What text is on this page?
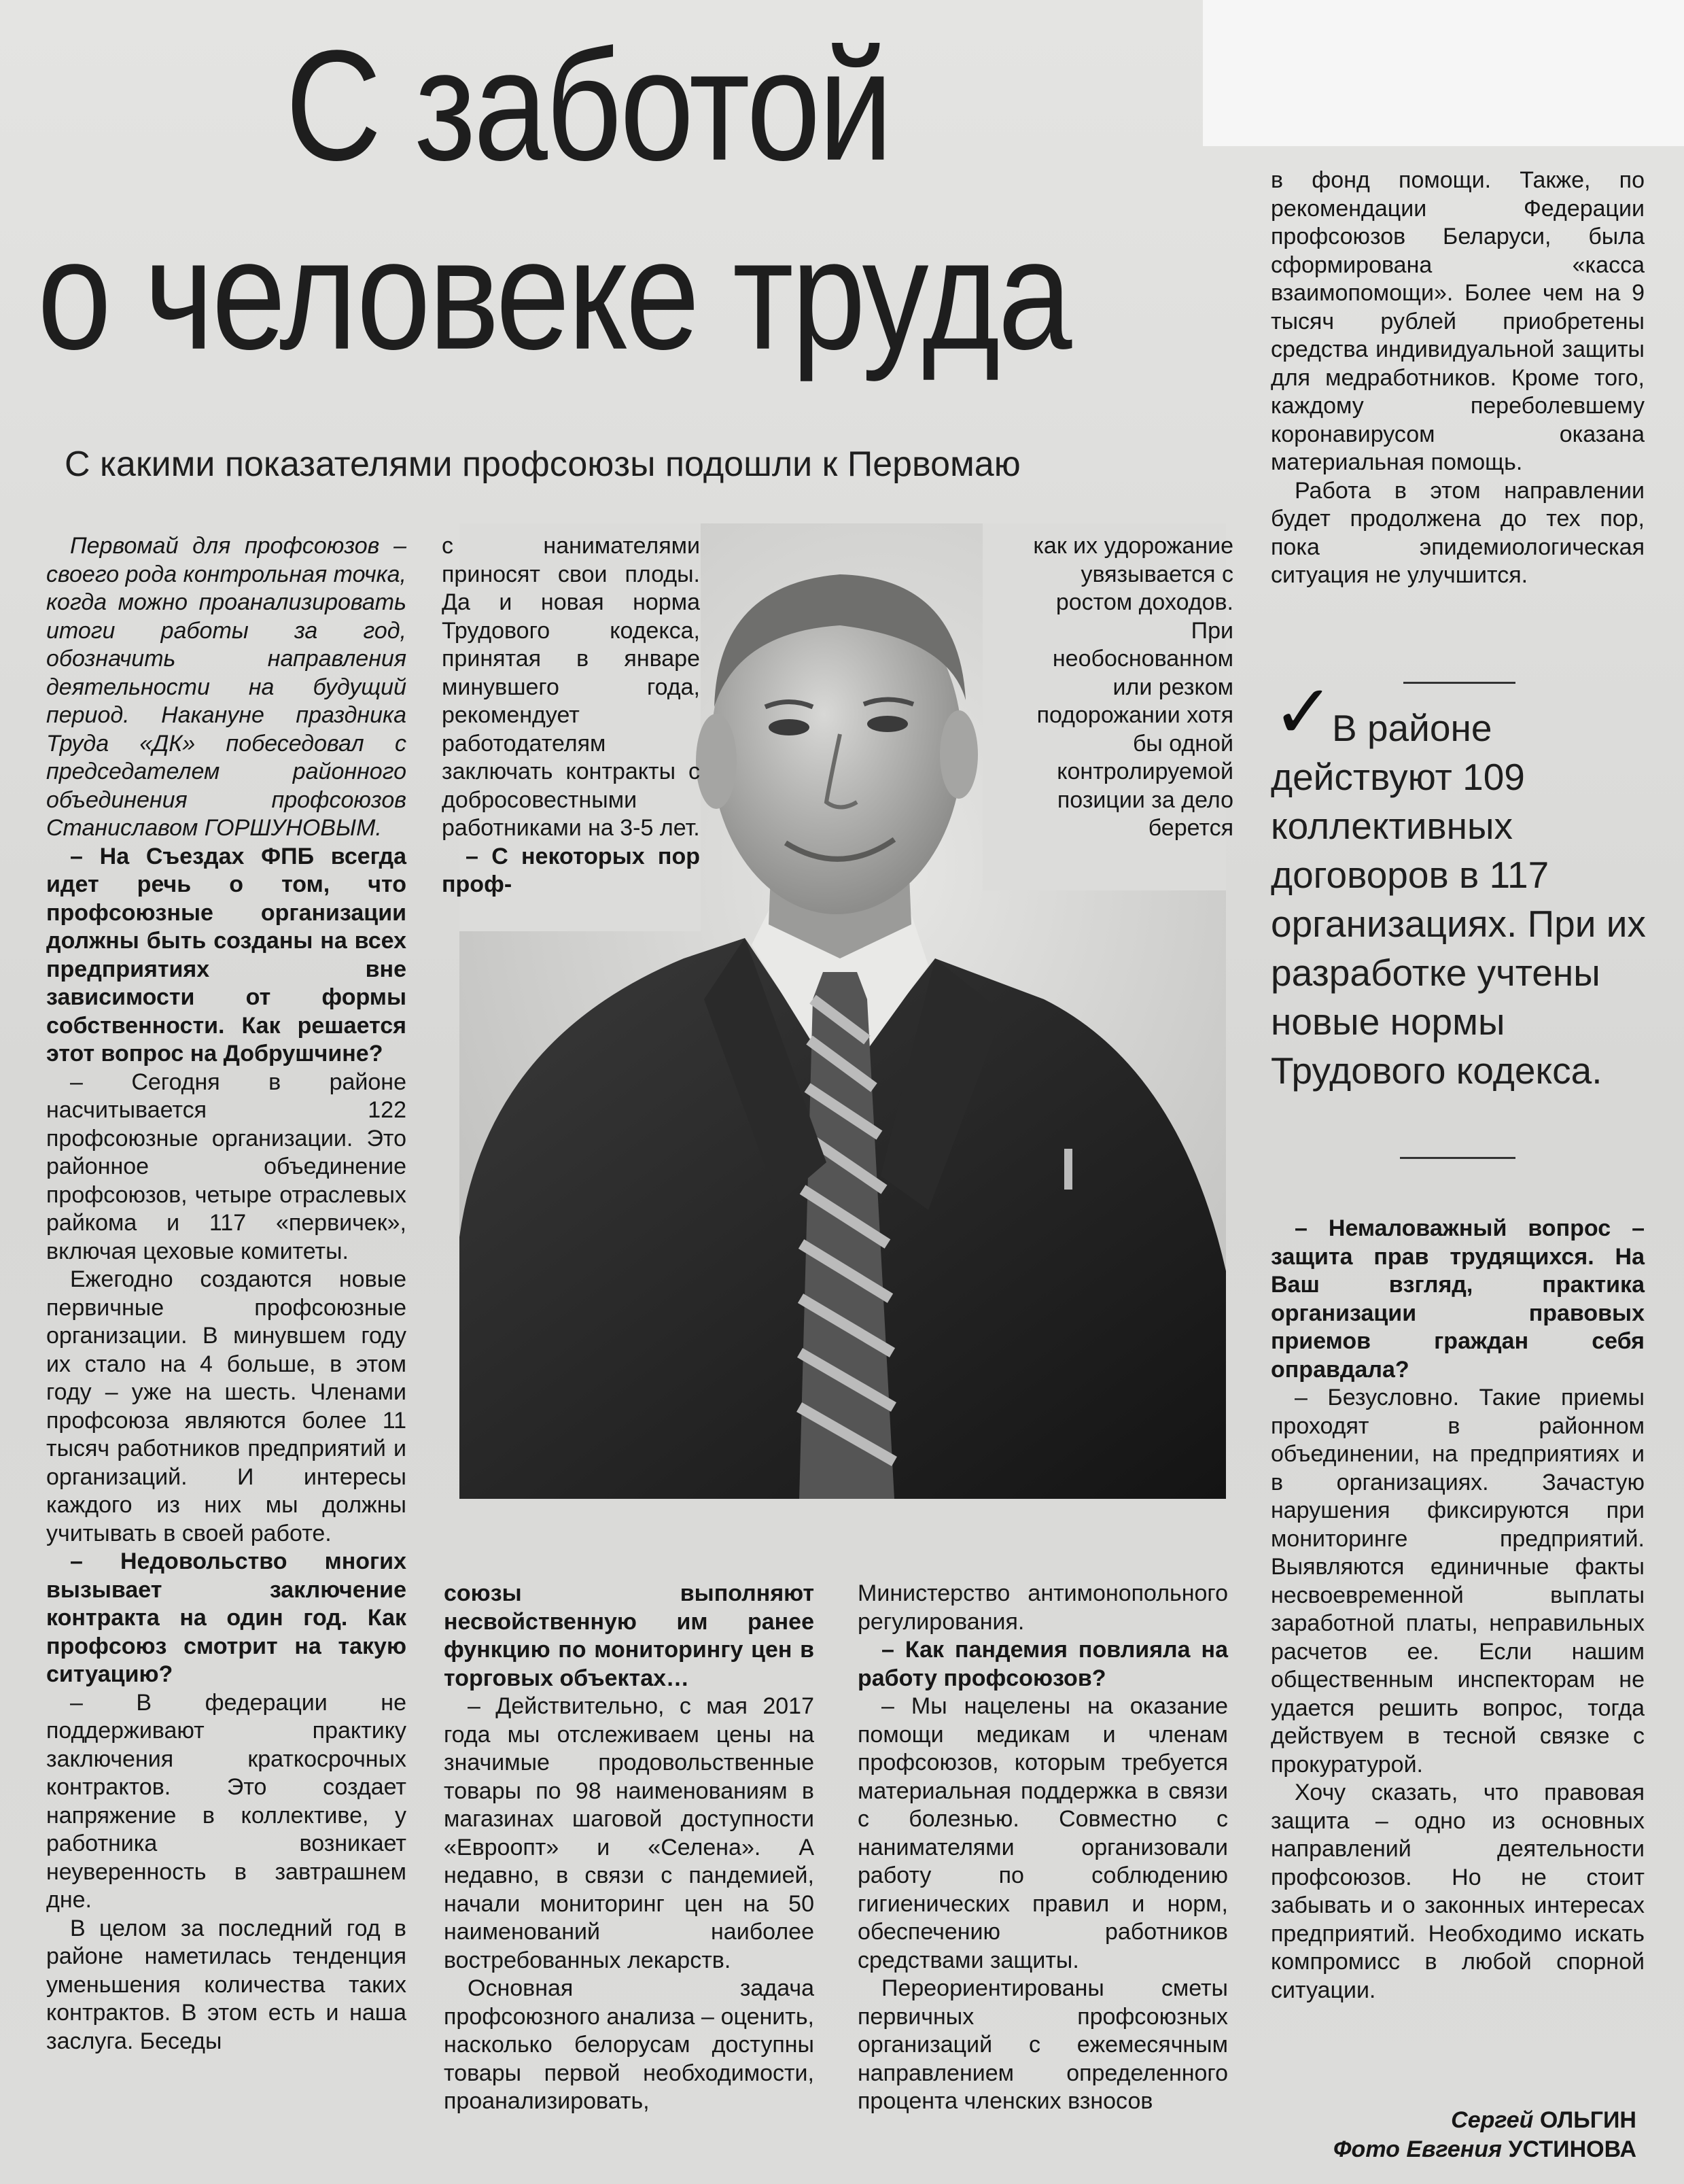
С заботой
о человеке труда
С какими показателями профсоюзы подошли к Первомаю

Первомай для профсоюзов – своего рода контрольная точка, когда можно проанализировать итоги работы за год, обозначить направления деятельности на будущий период. Накануне праздника Труда «ДК» побеседовал с председателем районного объединения профсоюзов Станиславом ГОРШУНОВЫМ.

– На Съездах ФПБ всегда идет речь о том, что профсоюзные организации должны быть созданы на всех предприятиях вне зависимости от формы собственности. Как решается этот вопрос на Добрушчине?

– Сегодня в районе насчитывается 122 профсоюзные организации. Это районное объединение профсоюзов, четыре отраслевых райкома и 117 «первичек», включая цеховые комитеты.

Ежегодно создаются новые первичные профсоюзные организации. В минувшем году их стало на 4 больше, в этом году – уже на шесть. Членами профсоюза являются более 11 тысяч работников предприятий и организаций. И интересы каждого из них мы должны учитывать в своей работе.

– Недовольство многих вызывает заключение контракта на один год. Как профсоюз смотрит на такую ситуацию?

– В федерации не поддерживают практику заключения краткосрочных контрактов. Это создает напряжение в коллективе, у работника возникает неуверенность в завтрашнем дне.

В целом за последний год в районе наметилась тенденция уменьшения количества таких контрактов. В этом есть и наша заслуга. Беседы

с нанимателями приносят свои плоды. Да и новая норма Трудового кодекса, принятая в январе минувшего года, рекомендует работодателям заключать контракты с добросовестными работниками на 3-5 лет.

– С некоторых пор проф-

как их удорожание увязывается с ростом доходов. При необоснованном или резком подорожании хотя бы одной контролируемой позиции за дело берется

союзы выполняют несвойственную им ранее функцию по мониторингу цен в торговых объектах…

– Действительно, с мая 2017 года мы отслеживаем цены на значимые продовольственные товары по 98 наименованиям в магазинах шаговой доступности «Евроопт» и «Селена». А недавно, в связи с пандемией, начали мониторинг цен на 50 наименований наиболее востребованных лекарств.

Основная задача профсоюзного анализа – оценить, насколько белорусам доступны товары первой необходимости, проанализировать,

Министерство антимонопольного регулирования.

– Как пандемия повлияла на работу профсоюзов?

– Мы нацелены на оказание помощи медикам и членам профсоюзов, которым требуется материальная поддержка в связи с болезнью. Совместно с нанимателями организовали работу по соблюдению гигиенических правил и норм, обеспечению работников средствами защиты.

Переориентированы сметы первичных профсоюзных организаций с ежемесячным направлением определенного процента членских взносов

в фонд помощи. Также, по рекомендации Федерации профсоюзов Беларуси, была сформирована «касса взаимопомощи». Более чем на 9 тысяч рублей приобретены средства индивидуальной защиты для медработников. Кроме того, каждому переболевшему коронавирусом оказана материальная помощь.

Работа в этом направлении будет продолжена до тех пор, пока эпидемиологическая ситуация не улучшится.

✓
В районе действуют 109 коллективных договоров в 117 организациях. При их разработке учтены новые нормы Трудового кодекса.

– Немаловажный вопрос – защита прав трудящихся. На Ваш взгляд, практика организации правовых приемов граждан себя оправдала?

– Безусловно. Такие приемы проходят в районном объединении, на предприятиях и в организациях. Зачастую нарушения фиксируются при мониторинге предприятий. Выявляются единичные факты несвоевременной выплаты заработной платы, неправильных расчетов ее. Если нашим общественным инспекторам не удается решить вопрос, тогда действуем в тесной связке с прокуратурой.

Хочу сказать, что правовая защита – одно из основных направлений деятельности профсоюзов. Но не стоит забывать и о законных интересах предприятий. Необходимо искать компромисс в любой спорной ситуации.

Сергей ОЛЬГИН
Фото Евгения УСТИНОВА
